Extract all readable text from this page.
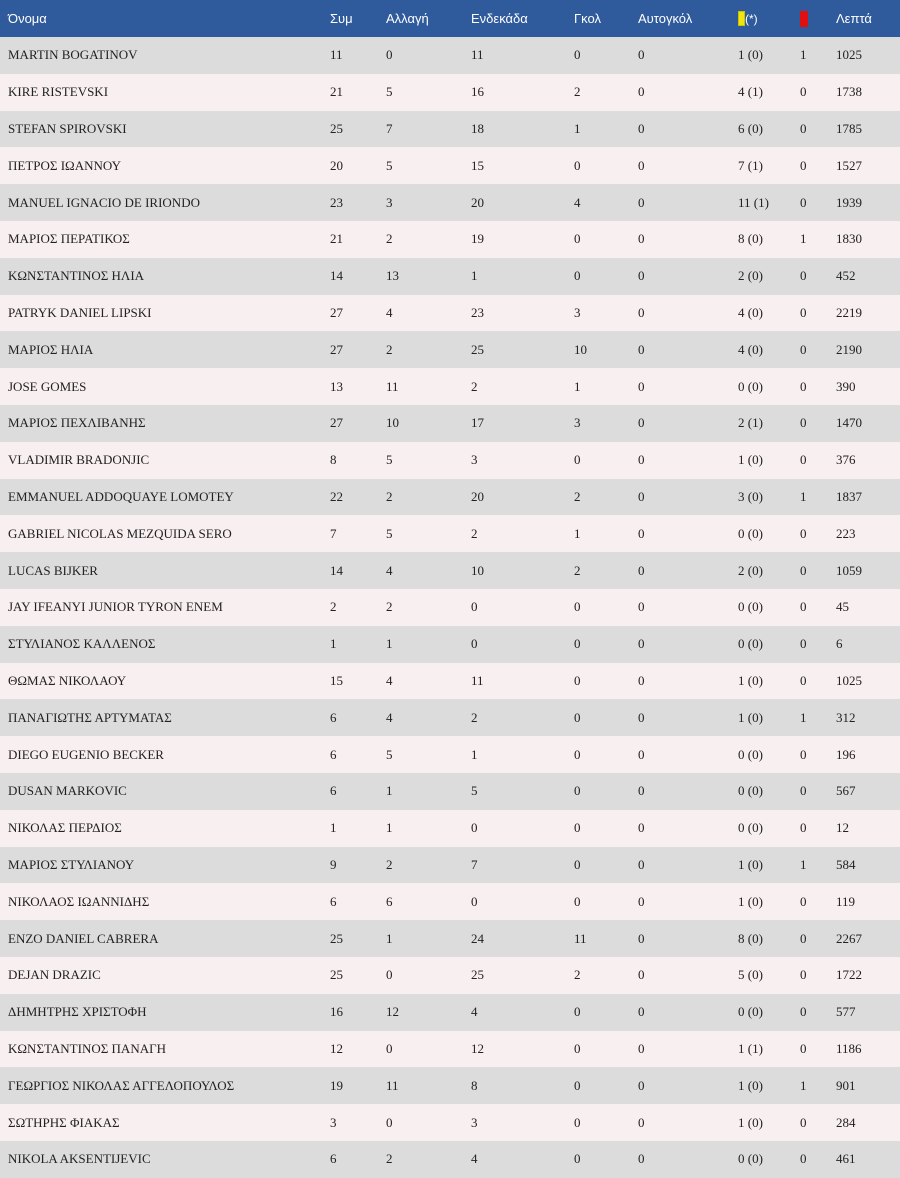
Όνομα	Συμ	Αλλαγή	Ενδεκάδα	Γκολ	Αυτογκόλ	(*)		Λεπτά
MARTIN BOGATINOV	11	0	11	0	0	1 (0)	1	1025
KIRE RISTEVSKI	21	5	16	2	0	4 (1)	0	1738
STEFAN SPIROVSKI	25	7	18	1	0	6 (0)	0	1785
ΠΕΤΡΟΣ ΙΩΑΝΝΟΥ	20	5	15	0	0	7 (1)	0	1527
MANUEL IGNACIO DE IRIONDO	23	3	20	4	0	11 (1)	0	1939
ΜΑΡΙΟΣ ΠΕΡΑΤΙΚΟΣ	21	2	19	0	0	8 (0)	1	1830
ΚΩΝΣΤΑΝΤΙΝΟΣ ΗΛΙΑ	14	13	1	0	0	2 (0)	0	452
PATRYK DANIEL LIPSKI	27	4	23	3	0	4 (0)	0	2219
ΜΑΡΙΟΣ ΗΛΙΑ	27	2	25	10	0	4 (0)	0	2190
JOSE GOMES	13	11	2	1	0	0 (0)	0	390
ΜΑΡΙΟΣ ΠΕΧΛΙΒΑΝΗΣ	27	10	17	3	0	2 (1)	0	1470
VLADIMIR BRADONJIC	8	5	3	0	0	1 (0)	0	376
EMMANUEL ADDOQUAYE LOMOTEY	22	2	20	2	0	3 (0)	1	1837
GABRIEL NICOLAS MEZQUIDA SERO	7	5	2	1	0	0 (0)	0	223
LUCAS BIJKER	14	4	10	2	0	2 (0)	0	1059
JAY IFEANYI JUNIOR TYRON ENEM	2	2	0	0	0	0 (0)	0	45
ΣΤΥΛΙΑΝΟΣ ΚΑΛΛΕΝΟΣ	1	1	0	0	0	0 (0)	0	6
ΘΩΜΑΣ ΝΙΚΟΛΑΟΥ	15	4	11	0	0	1 (0)	0	1025
ΠΑΝΑΓΙΩΤΗΣ ΑΡΤΥΜΑΤΑΣ	6	4	2	0	0	1 (0)	1	312
DIEGO EUGENIO BECKER	6	5	1	0	0	0 (0)	0	196
DUSAN MARKOVIC	6	1	5	0	0	0 (0)	0	567
ΝΙΚΟΛΑΣ ΠΕΡΔΙΟΣ	1	1	0	0	0	0 (0)	0	12
ΜΑΡΙΟΣ ΣΤΥΛΙΑΝΟΥ	9	2	7	0	0	1 (0)	1	584
ΝΙΚΟΛΑΟΣ ΙΩΑΝΝΙΔΗΣ	6	6	0	0	0	1 (0)	0	119
ENZO DANIEL CABRERA	25	1	24	11	0	8 (0)	0	2267
DEJAN DRAZIC	25	0	25	2	0	5 (0)	0	1722
ΔΗΜΗΤΡΗΣ ΧΡΙΣΤΟΦΗ	16	12	4	0	0	0 (0)	0	577
ΚΩΝΣΤΑΝΤΙΝΟΣ ΠΑΝΑΓΗ	12	0	12	0	0	1 (1)	0	1186
ΓΕΩΡΓΙΟΣ ΝΙΚΟΛΑΣ ΑΓΓΕΛΟΠΟΥΛΟΣ	19	11	8	0	0	1 (0)	1	901
ΣΩΤΗΡΗΣ ΦΙΑΚΑΣ	3	0	3	0	0	1 (0)	0	284
NIKOLA AKSENTIJEVIC	6	2	4	0	0	0 (0)	0	461
